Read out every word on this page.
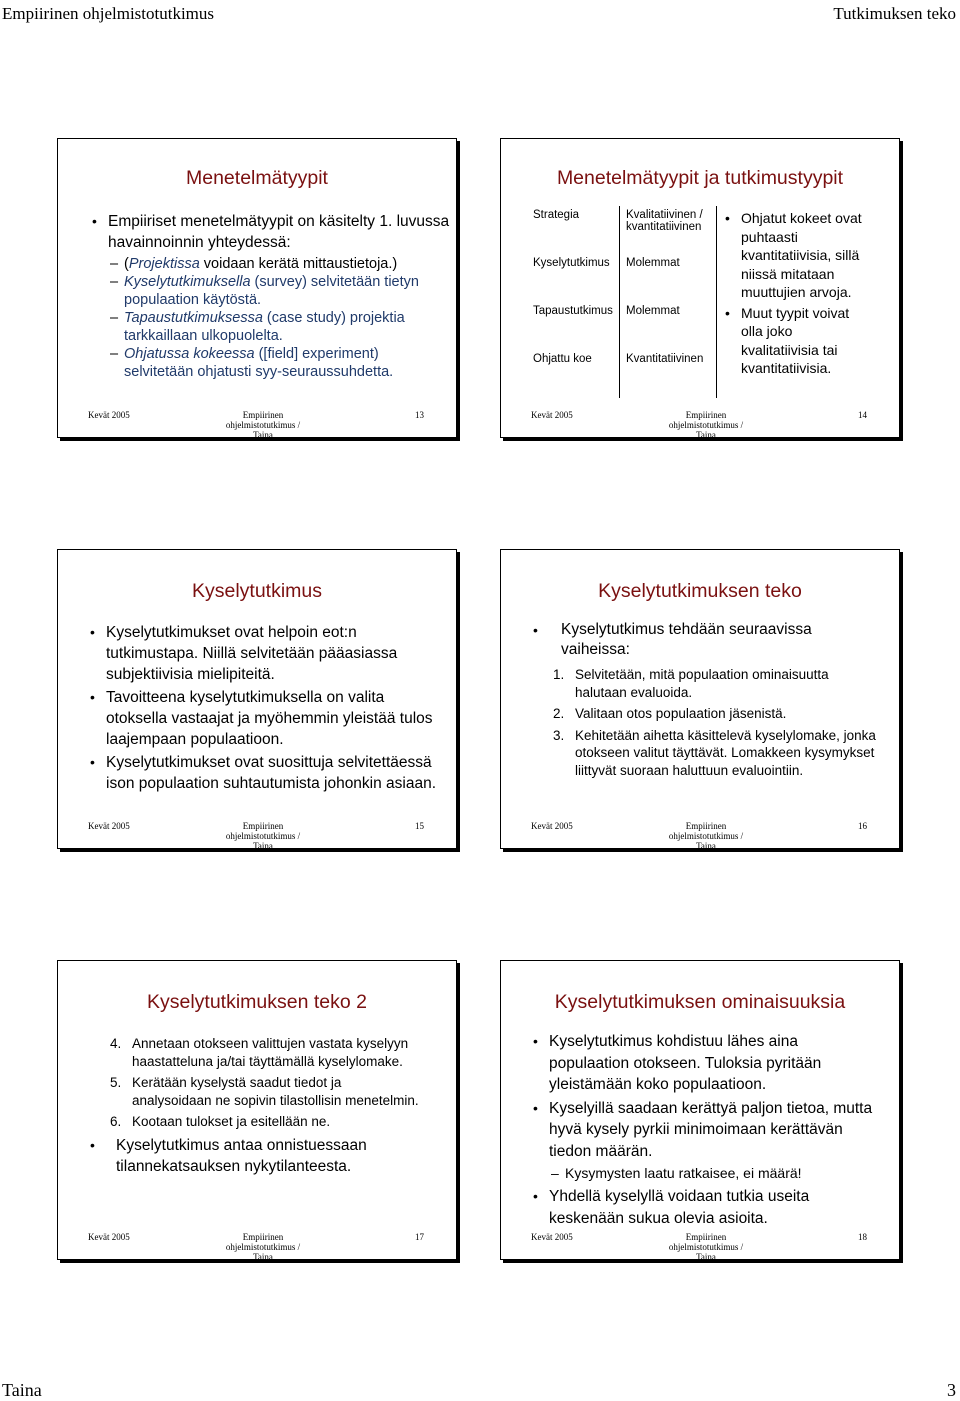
Empiirinen ohjelmistotutkimus	Tutkimuksen teko
Menetelmätyypit
• Empiiriset menetelmätyypit on käsitelty 1. luvussa havainnoinnin yhteydessä:
– (Projektissa voidaan kerätä mittaustietoja.)
– Kyselytutkimuksella (survey) selvitetään tietyn populaation käytöstä.
– Tapaustutkimuksessa (case study) projektia tarkkaillaan ulkopuolelta.
– Ohjatussa kokeessa ([field] experiment) selvitetään ohjatusti syy-seuraussuhdetta.
Kevät 2005	Empiirinen ohjelmistotutkimus /
Taina
13
Menetelmätyypit ja tutkimustyypit
Strategia	Kvalitatiivinen / kvantitatiivinen
Kyselytutkimus	Molemmat
Tapaustutkimus	Molemmat
Ohjattu koe	Kvantitatiivinen
• Ohjatut kokeet ovat puhtaasti kvantitatiivisia, sillä niissä mitataan muuttujien arvoja.
• Muut tyypit voivat olla joko kvalitatiivisia tai kvantitatiivisia.
Kevät 2005	Empiirinen ohjelmistotutkimus /
Taina
14
Kyselytutkimus
• Kyselytutkimukset ovat helpoin eot:n tutkimustapa. Niillä selvitetään pääasiassa subjektiivisia mielipiteitä.
• Tavoitteena kyselytutkimuksella on valita otoksella vastaajat ja myöhemmin yleistää tulos laajempaan populaatioon.
• Kyselytutkimukset ovat suosittuja selvitettäessä ison populaation suhtautumista johonkin asiaan.
Kevät 2005	Empiirinen ohjelmistotutkimus /
Taina
15
Kyselytutkimuksen teko
• Kyselytutkimus tehdään seuraavissa vaiheissa:
1. Selvitetään, mitä populaation ominaisuutta halutaan evaluoida.
2. Valitaan otos populaation jäsenistä.
3. Kehitetään aihetta käsittelevä kyselylomake, jonka otokseen valitut täyttävät. Lomakkeen kysymykset liittyvät suoraan haluttuun evaluointiin.
Kevät 2005	Empiirinen ohjelmistotutkimus /
Taina
16
Kyselytutkimuksen teko 2
4. Annetaan otokseen valittujen vastata kyselyyn haastatteluna ja/tai täyttämällä kyselylomake.
5. Kerätään kyselystä saadut tiedot ja analysoidaan ne sopivin tilastollisin menetelmin.
6. Kootaan tulokset ja esitellään ne.
• Kyselytutkimus antaa onnistuessaan tilannekatsauksen nykytilanteesta.
Kevät 2005	Empiirinen ohjelmistotutkimus /
Taina
17
Kyselytutkimuksen ominaisuuksia
• Kyselytutkimus kohdistuu lähes aina populaation otokseen. Tuloksia pyritään yleistämään koko populaatioon.
• Kyselyillä saadaan kerättyä paljon tietoa, mutta hyvä kysely pyrkii minimoimaan kerättävän tiedon määrän.
– Kysymysten laatu ratkaisee, ei määrä!
• Yhdellä kyselyllä voidaan tutkia useita keskenään sukua olevia asioita.
Kevät 2005	Empiirinen ohjelmistotutkimus /
Taina
18
Taina	3
